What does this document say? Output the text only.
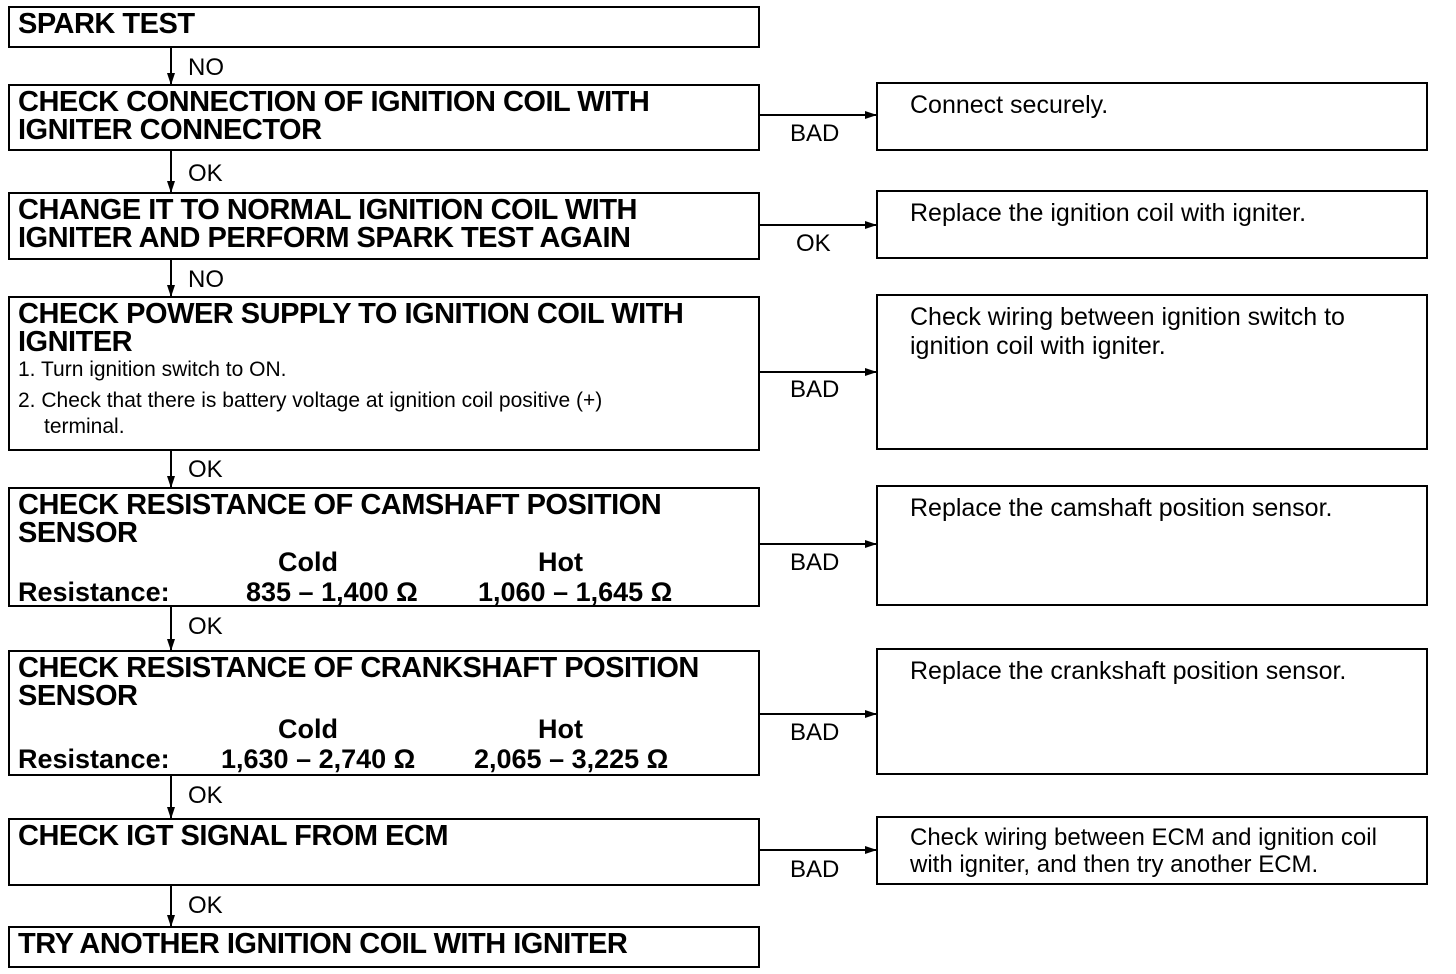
SPARK TEST
NO
CHECK CONNECTION OF IGNITION COIL WITH IGNITER CONNECTOR	BAD
Connect securely.
OK
CHANGE IT TO NORMAL IGNITION COIL WITH IGNITER AND PERFORM SPARK TEST AGAIN	OK
Replace the ignition coil with igniter.
NO
CHECK POWER SUPPLY TO IGNITION COIL WITH IGNITER
1. Turn ignition switch to ON.
2. Check that there is battery voltage at ignition coil positive (+)
terminal.
BAD
Check wiring between ignition switch to ignition coil with igniter.
OK
CHECK RESISTANCE OF CAMSHAFT POSITION SENSOR
Cold	Hot
Resistance:	835 – 1,400 Ω 1,060 – 1,645 Ω
BAD
Replace the camshaft position sensor.
OK
CHECK RESISTANCE OF CRANKSHAFT POSITION SENSOR
Cold	Hot
Resistance: 1,630 – 2,740 Ω 2,065 – 3,225 Ω
BAD
Replace the crankshaft position sensor.
OK
CHECK IGT SIGNAL FROM ECM
BAD
Check wiring between ECM and ignition coil with igniter, and then try another ECM.
OK
TRY ANOTHER IGNITION COIL WITH IGNITER
